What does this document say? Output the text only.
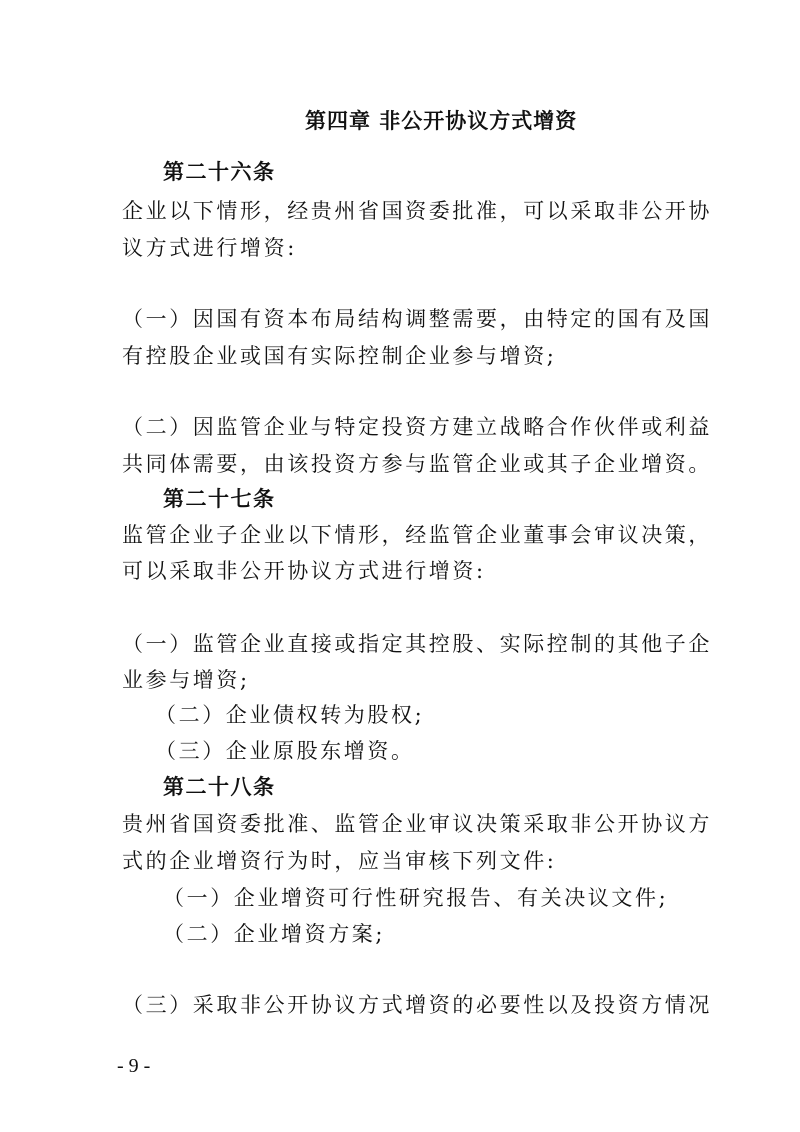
第四章 非公开协议方式增资
第二十六条
企业以下情形，经贵州省国资委批准，可以采取非公开协
议方式进行增资:
（一）因国有资本布局结构调整需要，由特定的国有及国
有控股企业或国有实际控制企业参与增资;
（二）因监管企业与特定投资方建立战略合作伙伴或利益
共同体需要，由该投资方参与监管企业或其子企业增资。
第二十七条
监管企业子企业以下情形，经监管企业董事会审议决策，
可以采取非公开协议方式进行增资:
（一）监管企业直接或指定其控股、实际控制的其他子企
业参与增资;
（二）企业债权转为股权;
（三）企业原股东增资。
第二十八条
贵州省国资委批准、监管企业审议决策采取非公开协议方
式的企业增资行为时，应当审核下列文件:
（一）企业增资可行性研究报告、有关决议文件;
（二）企业增资方案;
（三）采取非公开协议方式增资的必要性以及投资方情况
- 9 -
